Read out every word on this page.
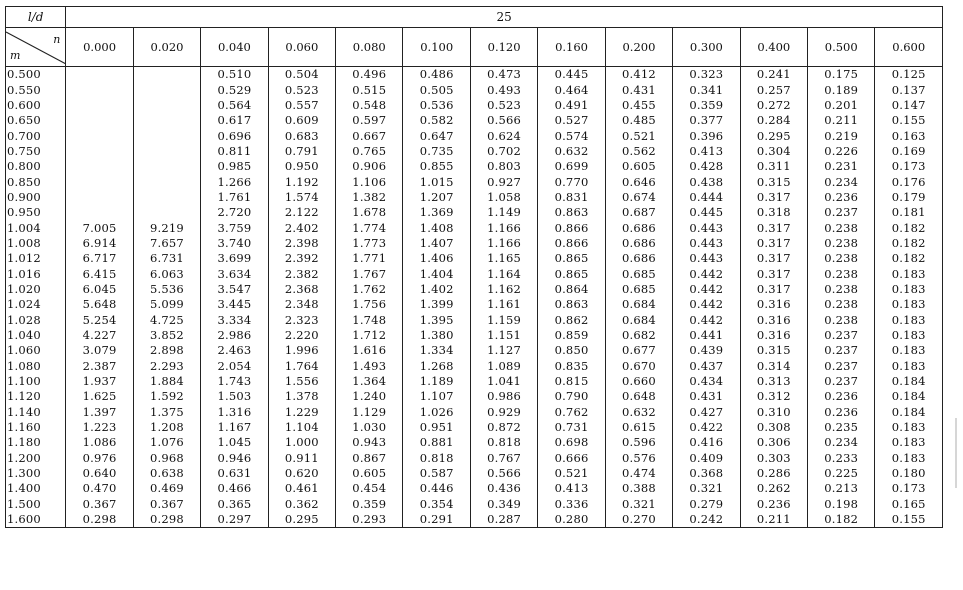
l/d	25												

n
m	0.000	0.020	0.040	0.060	0.080	0.100	0.120	0.160	0.200	0.300	0.400	0.500	0.600
0.500			0.510	0.504	0.496	0.486	0.473	0.445	0.412	0.323	0.241	0.175	0.125
0.550			0.529	0.523	0.515	0.505	0.493	0.464	0.431	0.341	0.257	0.189	0.137
0.600			0.564	0.557	0.548	0.536	0.523	0.491	0.455	0.359	0.272	0.201	0.147
0.650			0.617	0.609	0.597	0.582	0.566	0.527	0.485	0.377	0.284	0.211	0.155
0.700			0.696	0.683	0.667	0.647	0.624	0.574	0.521	0.396	0.295	0.219	0.163
0.750			0.811	0.791	0.765	0.735	0.702	0.632	0.562	0.413	0.304	0.226	0.169
0.800			0.985	0.950	0.906	0.855	0.803	0.699	0.605	0.428	0.311	0.231	0.173
0.850			1.266	1.192	1.106	1.015	0.927	0.770	0.646	0.438	0.315	0.234	0.176
0.900			1.761	1.574	1.382	1.207	1.058	0.831	0.674	0.444	0.317	0.236	0.179
0.950			2.720	2.122	1.678	1.369	1.149	0.863	0.687	0.445	0.318	0.237	0.181
1.004	7.005	9.219	3.759	2.402	1.774	1.408	1.166	0.866	0.686	0.443	0.317	0.238	0.182
1.008	6.914	7.657	3.740	2.398	1.773	1.407	1.166	0.866	0.686	0.443	0.317	0.238	0.182
1.012	6.717	6.731	3.699	2.392	1.771	1.406	1.165	0.865	0.686	0.443	0.317	0.238	0.182
1.016	6.415	6.063	3.634	2.382	1.767	1.404	1.164	0.865	0.685	0.442	0.317	0.238	0.183
1.020	6.045	5.536	3.547	2.368	1.762	1.402	1.162	0.864	0.685	0.442	0.317	0.238	0.183
1.024	5.648	5.099	3.445	2.348	1.756	1.399	1.161	0.863	0.684	0.442	0.316	0.238	0.183
1.028	5.254	4.725	3.334	2.323	1.748	1.395	1.159	0.862	0.684	0.442	0.316	0.238	0.183
1.040	4.227	3.852	2.986	2.220	1.712	1.380	1.151	0.859	0.682	0.441	0.316	0.237	0.183
1.060	3.079	2.898	2.463	1.996	1.616	1.334	1.127	0.850	0.677	0.439	0.315	0.237	0.183
1.080	2.387	2.293	2.054	1.764	1.493	1.268	1.089	0.835	0.670	0.437	0.314	0.237	0.183
1.100	1.937	1.884	1.743	1.556	1.364	1.189	1.041	0.815	0.660	0.434	0.313	0.237	0.184
1.120	1.625	1.592	1.503	1.378	1.240	1.107	0.986	0.790	0.648	0.431	0.312	0.236	0.184
1.140	1.397	1.375	1.316	1.229	1.129	1.026	0.929	0.762	0.632	0.427	0.310	0.236	0.184
1.160	1.223	1.208	1.167	1.104	1.030	0.951	0.872	0.731	0.615	0.422	0.308	0.235	0.183
1.180	1.086	1.076	1.045	1.000	0.943	0.881	0.818	0.698	0.596	0.416	0.306	0.234	0.183
1.200	0.976	0.968	0.946	0.911	0.867	0.818	0.767	0.666	0.576	0.409	0.303	0.233	0.183
1.300	0.640	0.638	0.631	0.620	0.605	0.587	0.566	0.521	0.474	0.368	0.286	0.225	0.180
1.400	0.470	0.469	0.466	0.461	0.454	0.446	0.436	0.413	0.388	0.321	0.262	0.213	0.173
1.500	0.367	0.367	0.365	0.362	0.359	0.354	0.349	0.336	0.321	0.279	0.236	0.198	0.165
1.600	0.298	0.298	0.297	0.295	0.293	0.291	0.287	0.280	0.270	0.242	0.211	0.182	0.155
